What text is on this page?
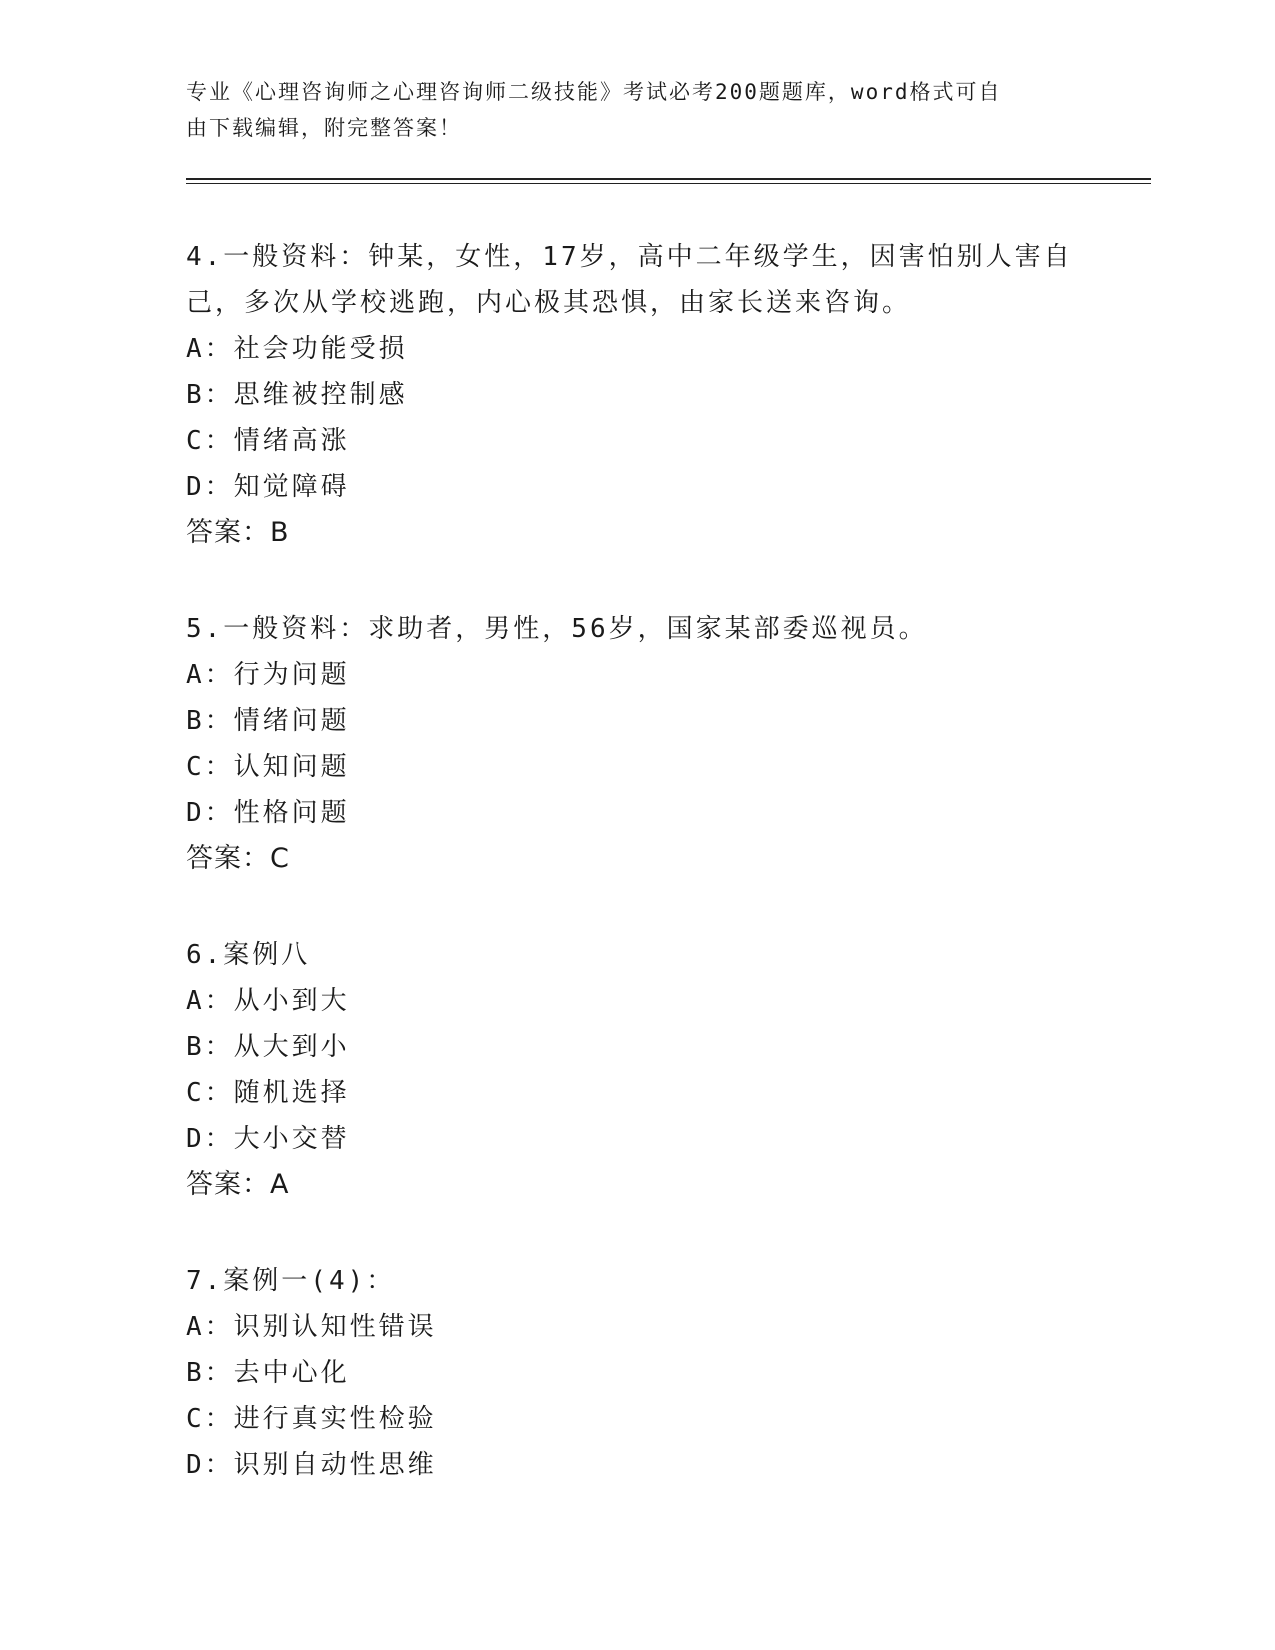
专业《心理咨询师之心理咨询师二级技能》考试必考200题题库，word格式可自
由下载编辑，附完整答案！
4.一般资料：钟某，女性，17岁，高中二年级学生，因害怕别人害自己，多次从学校逃跑，内心极其恐惧，由家长送来咨询。
A：社会功能受损
B：思维被控制感
C：情绪高涨
D：知觉障碍
答案：B
5.一般资料：求助者，男性，56岁，国家某部委巡视员。
A：行为问题
B：情绪问题
C：认知问题
D：性格问题
答案：C
6.案例八
A：从小到大
B：从大到小
C：随机选择
D：大小交替
答案：A
7.案例一(4)：
A：识别认知性错误
B：去中心化
C：进行真实性检验
D：识别自动性思维
